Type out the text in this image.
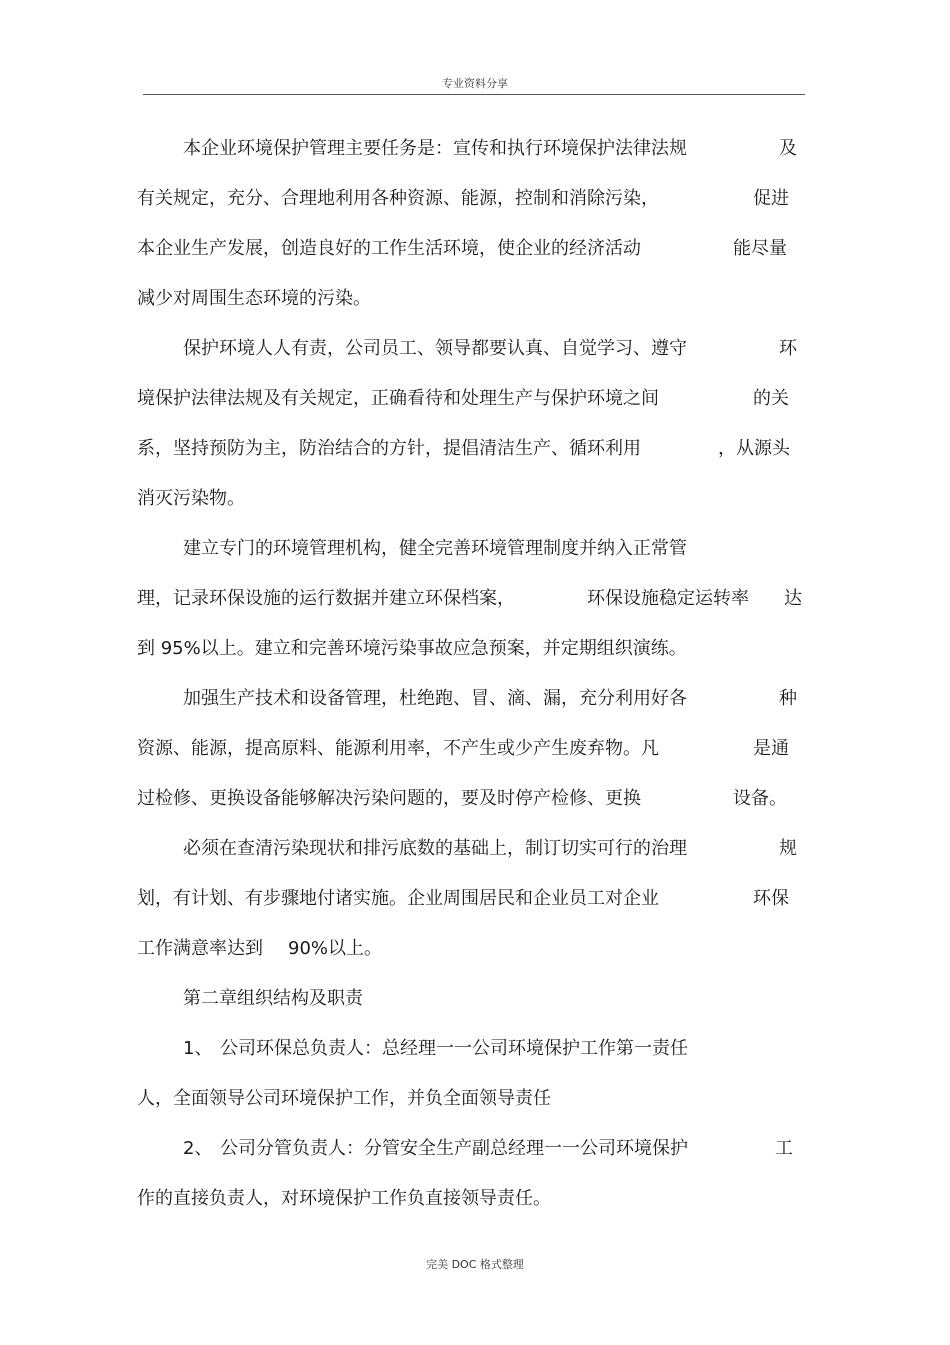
专业资料分享
本企业环境保护管理主要任务是：宣传和执行环境保护法律法规	及
有关规定，充分、合理地利用各种资源、能源，控制和消除污染，	促进
本企业生产发展，创造良好的工作生活环境，使企业的经济活动	能尽量
减少对周围生态环境的污染。
保护环境人人有责，公司员工、领导都要认真、自觉学习、遵守	环
境保护法律法规及有关规定，正确看待和处理生产与保护环境之间	的关
系，坚持预防为主，防治结合的方针，提倡清洁生产、循环利用	，从源头
消灭污染物。
建立专门的环境管理机构，健全完善环境管理制度并纳入正常管
理，记录环保设施的运行数据并建立环保档案，	环保设施稳定运转率 达
到 95%以上。建立和完善环境污染事故应急预案，并定期组织演练。
加强生产技术和设备管理，杜绝跑、冒、滴、漏，充分利用好各	种
资源、能源，提高原料、能源利用率，不产生或少产生废弃物。凡	是通
过检修、更换设备能够解决污染问题的，要及时停产检修、更换	设备。
必须在查清污染现状和排污底数的基础上，制订切实可行的治理	规
划，有计划、有步骤地付诸实施。企业周围居民和企业员工对企业	环保
工作满意率达到 90%以上。
第二章组织结构及职责
1、 公司环保总负责人：总经理一一公司环境保护工作第一责任
人，全面领导公司环境保护工作，并负全面领导责任
2、 公司分管负责人：分管安全生产副总经理一一公司环境保护	工
作的直接负责人，对环境保护工作负直接领导责任。
完美 DOC 格式整理
